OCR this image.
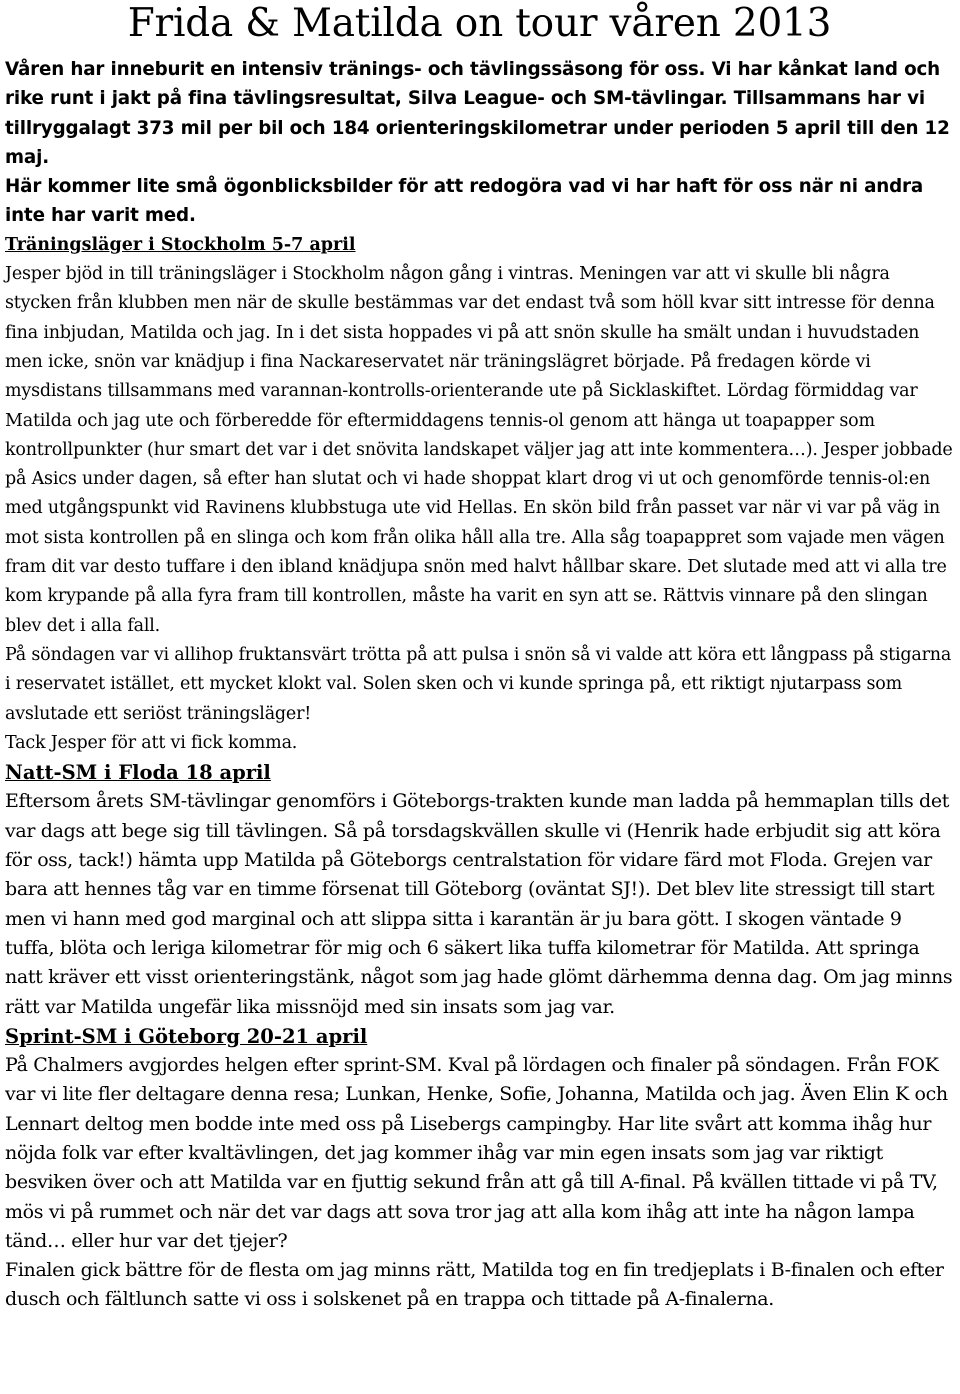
Frida & Matilda on tour våren 2013

Våren har inneburit en intensiv tränings- och tävlingssäsong för oss. Vi har kånkat land och rike runt i jakt på fina tävlingsresultat, Silva League- och SM-tävlingar. Tillsammans har vi tillryggalagt 373 mil per bil och 184 orienteringskilometrar under perioden 5 april till den 12 maj.

Här kommer lite små ögonblicksbilder för att redogöra vad vi har haft för oss när ni andra inte har varit med.

Träningsläger i Stockholm 5-7 april

Jesper bjöd in till träningsläger i Stockholm någon gång i vintras. Meningen var att vi skulle bli några stycken från klubben men när de skulle bestämmas var det endast två som höll kvar sitt intresse för denna fina inbjudan, Matilda och jag. In i det sista hoppades vi på att snön skulle ha smält undan i huvudstaden men icke, snön var knädjup i fina Nackareservatet när träningslägret började. På fredagen körde vi mysdistans tillsammans med varannan-kontrolls-orienterande ute på Sicklaskiftet. Lördag förmiddag var Matilda och jag ute och förberedde för eftermiddagens tennis-ol genom att hänga ut toapapper som kontrollpunkter (hur smart det var i det snövita landskapet väljer jag att inte kommentera…). Jesper jobbade på Asics under dagen, så efter han slutat och vi hade shoppat klart drog vi ut och genomförde tennis-ol:en med utgångspunkt vid Ravinens klubbstuga ute vid Hellas. En skön bild från passet var när vi var på väg in mot sista kontrollen på en slinga och kom från olika håll alla tre. Alla såg toapappret som vajade men vägen fram dit var desto tuffare i den ibland knädjupa snön med halvt hållbar skare. Det slutade med att vi alla tre kom krypande på alla fyra fram till kontrollen, måste ha varit en syn att se. Rättvis vinnare på den slingan blev det i alla fall.

På söndagen var vi allihop fruktansvärt trötta på att pulsa i snön så vi valde att köra ett långpass på stigarna i reservatet istället, ett mycket klokt val. Solen sken och vi kunde springa på, ett riktigt njutarpass som avslutade ett seriöst träningsläger!

Tack Jesper för att vi fick komma.

Natt-SM i Floda 18 april

Eftersom årets SM-tävlingar genomförs i Göteborgs-trakten kunde man ladda på hemmaplan tills det var dags att bege sig till tävlingen. Så på torsdagskvällen skulle vi (Henrik hade erbjudit sig att köra för oss, tack!) hämta upp Matilda på Göteborgs centralstation för vidare färd mot Floda. Grejen var bara att hennes tåg var en timme försenat till Göteborg (oväntat SJ!). Det blev lite stressigt till start men vi hann med god marginal och att slippa sitta i karantän är ju bara gött. I skogen väntade 9 tuffa, blöta och leriga kilometrar för mig och 6 säkert lika tuffa kilometrar för Matilda. Att springa natt kräver ett visst orienteringstänk, något som jag hade glömt därhemma denna dag. Om jag minns rätt var Matilda ungefär lika missnöjd med sin insats som jag var.

Sprint-SM i Göteborg 20-21 april

På Chalmers avgjordes helgen efter sprint-SM. Kval på lördagen och finaler på söndagen. Från FOK var vi lite fler deltagare denna resa; Lunkan, Henke, Sofie, Johanna, Matilda och jag. Även Elin K och Lennart deltog men bodde inte med oss på Lisebergs campingby. Har lite svårt att komma ihåg hur nöjda folk var efter kvaltävlingen, det jag kommer ihåg var min egen insats som jag var riktigt besviken över och att Matilda var en fjuttig sekund från att gå till A-final. På kvällen tittade vi på TV, mös vi på rummet och när det var dags att sova tror jag att alla kom ihåg att inte ha någon lampa tänd… eller hur var det tjejer?

Finalen gick bättre för de flesta om jag minns rätt, Matilda tog en fin tredjeplats i B-finalen och efter dusch och fältlunch satte vi oss i solskenet på en trappa och tittade på A-finalerna.
